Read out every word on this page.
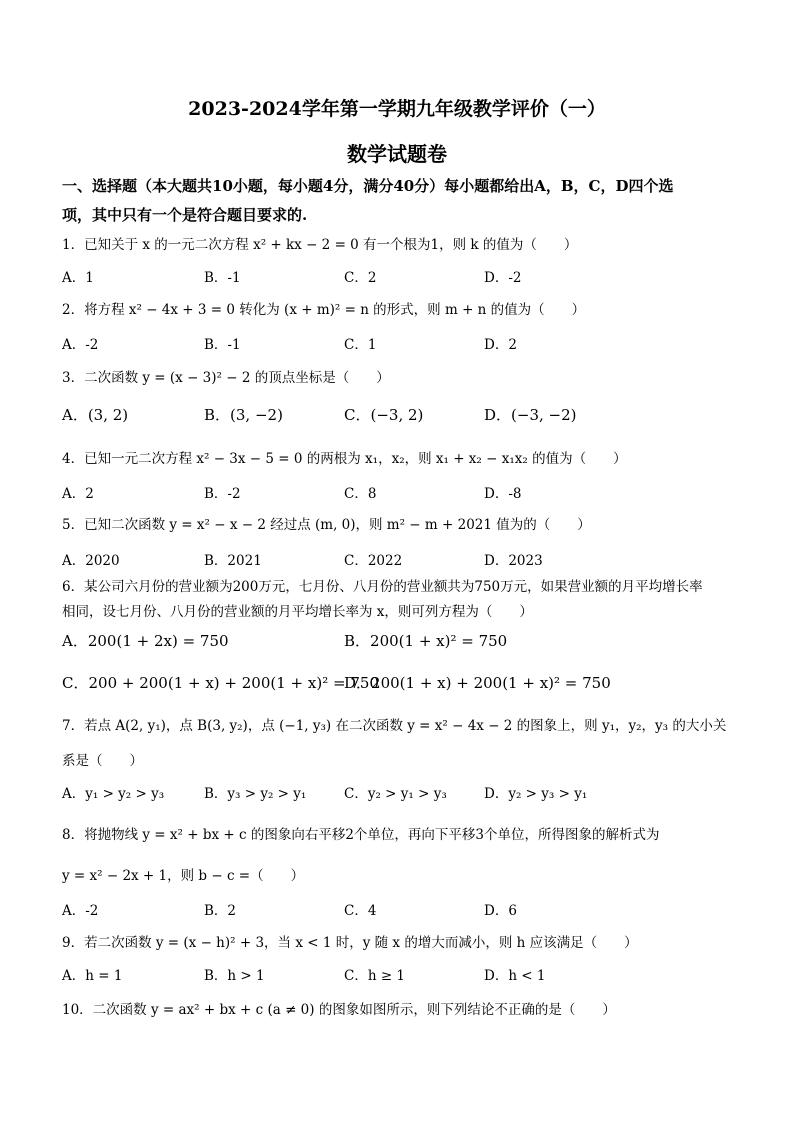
2023-2024学年第一学期九年级教学评价（一）
数学试题卷
一、选择题（本大题共10小题，每小题4分，满分40分）每小题都给出A，B，C，D四个选
项，其中只有一个是符合题目要求的.
1．已知关于 x 的一元二次方程 x² + kx − 2 = 0 有一个根为1，则 k 的值为（　　）
A．1	B．-1	C．2	D．-2
2．将方程 x² − 4x + 3 = 0 转化为 (x + m)² = n 的形式，则 m + n 的值为（　　）
A．-2	B．-1	C．1	D．2
3．二次函数 y = (x − 3)² − 2 的顶点坐标是（　　）
A．(3, 2)	B．(3, −2)	C．(−3, 2)	D．(−3, −2)
4．已知一元二次方程 x² − 3x − 5 = 0 的两根为 x₁，x₂，则 x₁ + x₂ − x₁x₂ 的值为（　　）
A．2	B．-2	C．8	D．-8
5．已知二次函数 y = x² − x − 2 经过点 (m, 0)，则 m² − m + 2021 值为的（　　）
A．2020	B．2021	C．2022	D．2023
6．某公司六月份的营业额为200万元，七月份、八月份的营业额共为750万元，如果营业额的月平均增长率
相同，设七月份、八月份的营业额的月平均增长率为 x，则可列方程为（　　）
A．200(1 + 2x) = 750	B．200(1 + x)² = 750
C．200 + 200(1 + x) + 200(1 + x)² = 750
D．200(1 + x) + 200(1 + x)² = 750
7．若点 A(2, y₁)，点 B(3, y₂)，点 (−1, y₃) 在二次函数 y = x² − 4x − 2 的图象上，则 y₁，y₂，y₃ 的大小关
系是（　　）
A．y₁ > y₂ > y₃	B．y₃ > y₂ > y₁	C．y₂ > y₁ > y₃	D．y₂ > y₃ > y₁
8．将抛物线 y = x² + bx + c 的图象向右平移2个单位，再向下平移3个单位，所得图象的解析式为
y = x² − 2x + 1，则 b − c =（　　）
A．-2	B．2	C．4	D．6
9．若二次函数 y = (x − h)² + 3，当 x < 1 时，y 随 x 的增大而减小，则 h 应该满足（　　）
A．h = 1	B．h > 1	C．h ≥ 1	D．h < 1
10．二次函数 y = ax² + bx + c (a ≠ 0) 的图象如图所示，则下列结论不正确的是（　　）
